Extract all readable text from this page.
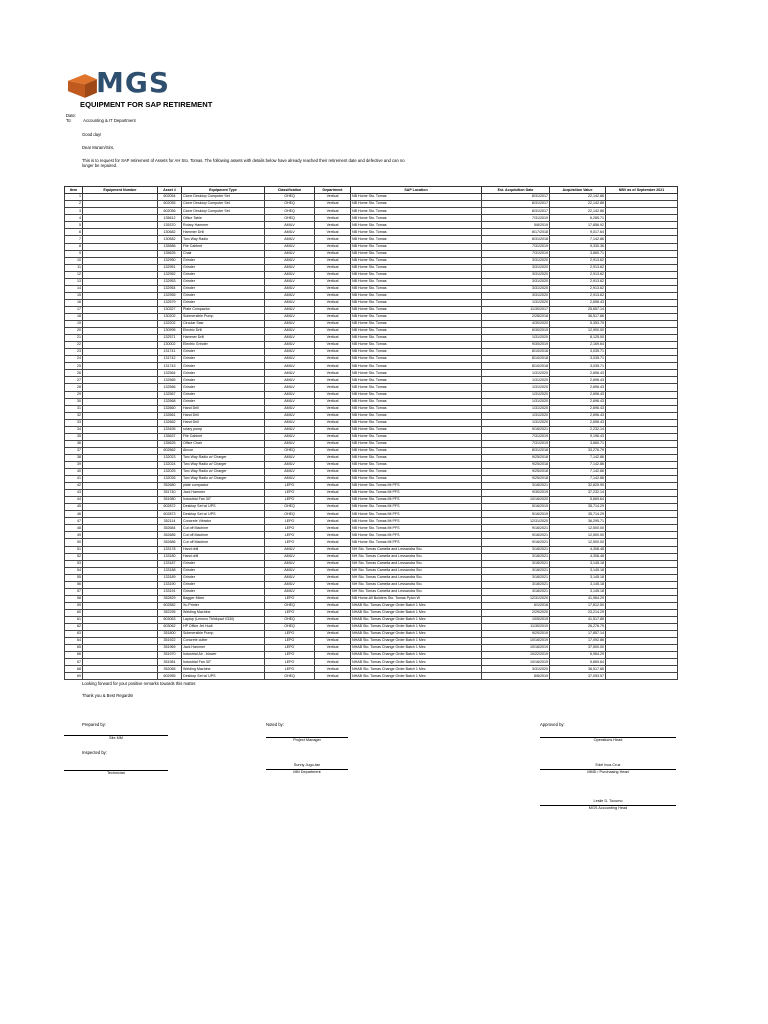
MGS
EQUIPMENT FOR SAP RETIREMENT
Date:
To:	Accounting & IT Department
Good day!
Dear Ma'am/Sirs,
This is to request for SAP retirement of Assets for AH Sto. Tomas. The following assets with details below have already reached their retirement date and defective and can no
longer be repaired.
Item	Equipment Number	Asset #	Equipment Type	Classification	Department	SAP Location	Est. Acquisition Date	Acquisition Value	NBV as of September 2021
1		602054	Clone Desktop Computer Set	OHEQ	Vertical	NB Home Sto. Tomas	8/31/2017	22,142.86	
2		602055	Clone Desktop Computer Set	OHEQ	Vertical	NB Home Sto. Tomas	8/31/2017	22,142.86	
3		602056	Clone Desktop Computer Set	OHEQ	Vertical	NB Home Sto. Tomas	8/31/2017	22,142.86	
4		135612	Office Table	OHEQ	Vertical	NB Home Sto. Tomas	7/31/2019	6,285.71	
5		135370	Rotary Hammer	AMILV	Vertical	NB Home Sto. Tomas	5/8/2019	17,856.92	
6		130682	Hammer Drill	AMILV	Vertical	NB Home Sto. Tomas	8/17/2018	9,017.64	
7		130582	Two Way Radio	AMILV	Vertical	NB Home Sto. Tomas	8/31/2018	7,142.86	
8		135586	File Cabinet	AMILV	Vertical	NB Home Sto. Tomas	7/31/2019	9,330.36	
9		135625	Chair	AMILV	Vertical	NB Home Sto. Tomas	7/31/2019	3,660.71	
10		132950	Grinder	AMILV	Vertical	NB Home Sto. Tomas	3/31/2020	2,913.62	
11		132951	Grinder	AMILV	Vertical	NB Home Sto. Tomas	3/31/2020	2,913.62	
12		132952	Grinder	AMILV	Vertical	NB Home Sto. Tomas	3/31/2020	2,913.62	
13		132953	Grinder	AMILV	Vertical	NB Home Sto. Tomas	3/31/2020	2,913.62	
14		132954	Grinder	AMILV	Vertical	NB Home Sto. Tomas	3/31/2020	2,913.62	
15		132955	Grinder	AMILV	Vertical	NB Home Sto. Tomas	3/31/2020	2,913.62	
16		132579	Grinder	AMILV	Vertical	NB Home Sto. Tomas	1/31/2020	2,696.43	
17		130327	Plate Compactor	AMILV	Vertical	NB Home Sto. Tomas	11/30/2017	25,657.14	
18		130202	Submersible Pump	AMILV	Vertical	NB Home Sto. Tomas	2/28/2018	36,517.86	
19		132202	Circular Saw	AMILV	Vertical	NB Home Sto. Tomas	4/30/2020	5,353.79	
20		130995	Electric Drill	AMILV	Vertical	NB Home Sto. Tomas	6/30/2019	12,900.00	
21		132571	Hammer Drill	AMILV	Vertical	NB Home Sto. Tomas	1/31/2020	8,125.00	
22		130002	Electric Grinder	AMILV	Vertical	NB Home Sto. Tomas	9/30/2019	2,169.64	
23		131741	Grinder	AMILV	Vertical	NB Home Sto. Tomas	8/10/2018	3,035.71	
24		131742	Grinder	AMILV	Vertical	NB Home Sto. Tomas	8/10/2018	3,035.71	
25		131743	Grinder	AMILV	Vertical	NB Home Sto. Tomas	8/10/2018	3,035.71	
26		132564	Grinder	AMILV	Vertical	NB Home Sto. Tomas	1/31/2020	2,696.43	
27		132565	Grinder	AMILV	Vertical	NB Home Sto. Tomas	1/31/2020	2,696.43	
28		132566	Grinder	AMILV	Vertical	NB Home Sto. Tomas	1/31/2020	2,696.43	
29		132567	Grinder	AMILV	Vertical	NB Home Sto. Tomas	1/31/2020	2,696.43	
30		132568	Grinder	AMILV	Vertical	NB Home Sto. Tomas	1/31/2020	2,696.43	
31		132660	Hand Drill	AMILV	Vertical	NB Home Sto. Tomas	1/31/2020	2,696.43	
32		132661	Hand Drill	AMILV	Vertical	NB Home Sto. Tomas	1/31/2020	2,696.43	
33		132662	Hand Drill	AMILV	Vertical	NB Home Sto. Tomas	1/31/2020	2,696.43	
34		133495	rotary pump	AMILV	Vertical	NB Home Sto. Tomas	9/16/2021	2,232.14	
35		135637	File Cabinet	AMILV	Vertical	NB Home Sto. Tomas	7/31/2019	9,196.43	
36		135625	Office Chair	AMILV	Vertical	NB Home Sto. Tomas	7/31/2019	3,660.71	
37		602662	Aircon	OHEQ	Vertical	NB Home Sto. Tomas	8/31/2018	33,276.79	
38		132023	Two Way Radio w/ Charger	AMILV	Vertical	NB Home Sto. Tomas	9/25/2018	7,142.86	
39		132024	Two Way Radio w/ Charger	AMILV	Vertical	NB Home Sto. Tomas	9/25/2018	7,142.86	
40		132025	Two Way Radio w/ Charger	AMILV	Vertical	NB Home Sto. Tomas	9/25/2018	7,142.86	
41		132026	Two Way Radio w/ Charger	AMILV	Vertical	NB Home Sto. Tomas	9/25/2018	7,142.86	
42		352680	plate compactor	LEPO	Vertical	NB Home Sto. Tomas Mt PFS	3/18/2021	32,825.90	
43		351740	Jack Hammer	LEPO	Vertical	NB Home Sto. Tomas Mt PFS	9/30/2019	37,232.14	
44		351980	Industrial Fan 30"	LEPO	Vertical	NB Home Sto. Tomas Mt PFS	10/16/2020	5,669.64	
45		602872	Desktop Set w/ UPS	OHEQ	Vertical	NB Home Sto. Tomas Mt PFS	5/16/2019	35,714.29	
46		602873	Desktop Set w/ UPS	OHEQ	Vertical	NB Home Sto. Tomas Mt PFS	5/16/2019	35,714.29	
47		352114	Concrete Vibrator	LEPO	Vertical	NB Home Sto. Tomas Mt PFS	12/31/2020	36,295.71	
48		352684	Cut off Machine	LEPO	Vertical	NB Home Sto. Tomas Mt PFS	9/16/2021	12,500.00	
49		352685	Cut off Machine	LEPO	Vertical	NB Home Sto. Tomas Mt PFS	9/16/2021	12,500.00	
50		352686	Cut off Machine	LEPO	Vertical	NB Home Sto. Tomas Mt PFS	9/16/2021	12,500.00	
51		133178	Hand drill	AMILV	Vertical	NH Sto. Tomas Camella and Lessandra Sto.	3/18/2021	4,308.48	
52		133180	Hand drill	AMILV	Vertical	NH Sto. Tomas Camella and Lessandra Sto.	3/18/2021	4,308.48	
53		133187	Grinder	AMILV	Vertical	NH Sto. Tomas Camella and Lessandra Sto.	3/18/2021	3,145.18	
54		133188	Grinder	AMILV	Vertical	NH Sto. Tomas Camella and Lessandra Sto.	3/18/2021	3,145.18	
55		133189	Grinder	AMILV	Vertical	NH Sto. Tomas Camella and Lessandra Sto.	3/18/2021	3,145.18	
56		133190	Grinder	AMILV	Vertical	NH Sto. Tomas Camella and Lessandra Sto.	3/18/2021	3,145.18	
57		133191	Grinder	AMILV	Vertical	NH Sto. Tomas Camella and Lessandra Sto.	3/18/2021	3,145.18	
58		352829	Bagger Mixer	LEPO	Vertical	NB Home-All Builders Sto. Tomas Pylon W	12/31/2020	41,964.29	
59		602582	Xu Printer	OHEQ	Vertical	NHAB Sto. Tomas Change Order Batch 1 Mec	6/1/2018	17,812.50	
60		352295	Welding Machine	LEPO	Vertical	NHAB Sto. Tomas Change Order Batch 1 Mec	2/29/2020	23,214.29	
61		603063	Laptop (Lenovo Thinkpad V330)	OHEQ	Vertical	NHAB Sto. Tomas Change Order Batch 1 Mec	10/5/2019	41,517.86	
62		603062	HP Office Jet Hudi	OHEQ	Vertical	NHAB Sto. Tomas Change Order Batch 1 Mec	11/30/2019	26,276.79	
63		351800	Submersible Pump	LEPO	Vertical	NHAB Sto. Tomas Change Order Batch 1 Mec	9/20/2019	17,857.14	
64		351922	Concrete cutter	LEPO	Vertical	NHAB Sto. Tomas Change Order Batch 1 Mec	10/16/2019	17,092.86	
65		351969	Jack Hammer	LEPO	Vertical	NHAB Sto. Tomas Change Order Batch 1 Mec	10/16/2019	37,500.00	
66		351970	Industrial Air - blower	LEPO	Vertical	NHAB Sto. Tomas Change Order Batch 1 Mec	10/22/2019	6,964.29	
67		351981	Industrial Fan 30"	LEPO	Vertical	NHAB Sto. Tomas Change Order Batch 1 Mec	10/16/2019	5,669.64	
68		352065	Welding Machine	LEPO	Vertical	NHAB Sto. Tomas Change Order Batch 1 Mec	3/31/2020	36,517.86	
69		602955	Desktop Set w/ UPS	OHEQ	Vertical	NHAB Sto. Tomas Change Order Batch 1 Mec	8/8/2019	37,053.57	
Looking forward for your positive remarks towards this matter.
Thank you & Best Regards!
Prepared by:	Noted by:	Approved by:
Site MM	Project Manager	Operations Head
Inspected by:
Technician
Sunny Jugo-fan
MM Department
Edel Inca Cruz
MMD / Purchasing Head
Leslie D. Tocumo
MGS Accounting Head
